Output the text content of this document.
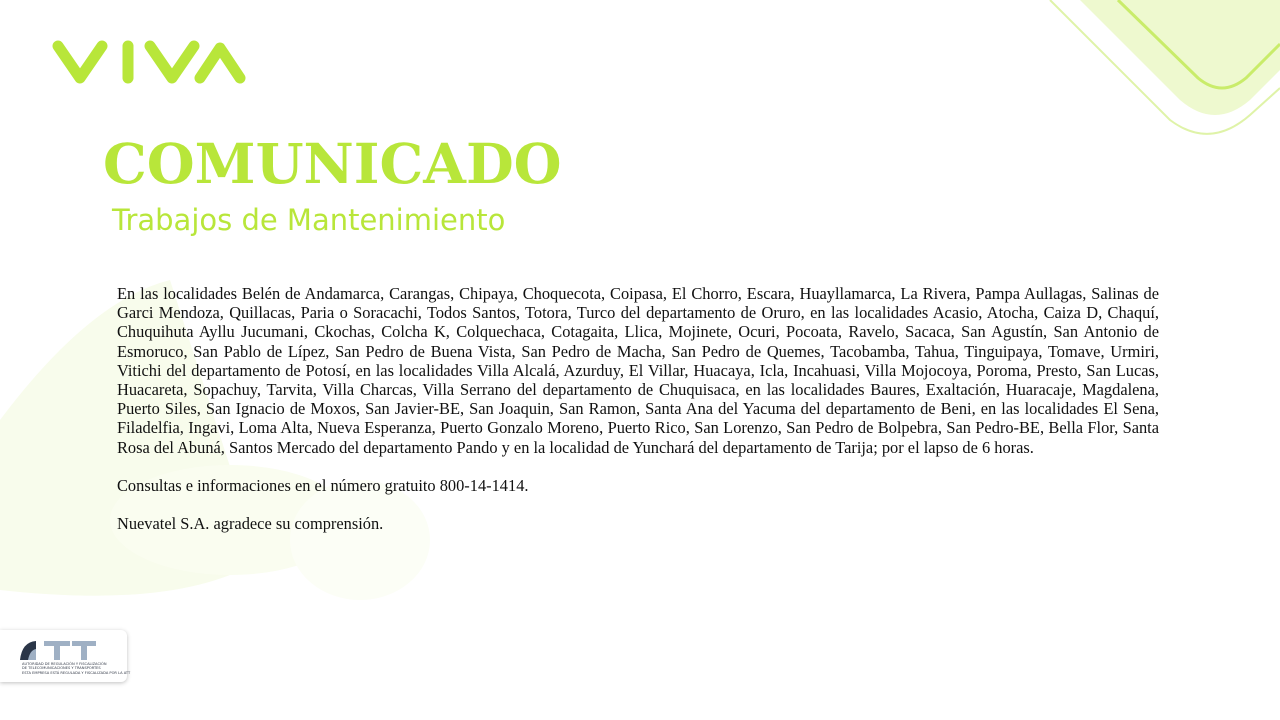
COMUNICADO
Trabajos de Mantenimiento

En las localidades Belén de Andamarca, Carangas, Chipaya, Choquecota, Coipasa, El Chorro, Escara, Huayllamarca, La Rivera, Pampa Aullagas, Salinas de Garci Mendoza, Quillacas, Paria o Soracachi, Todos Santos, Totora, Turco del departamento de Oruro, en las localidades Acasio, Atocha, Caiza D, Chaquí, Chuquihuta Ayllu Jucumani, Ckochas, Colcha K, Colquechaca, Cotagaita, Llica, Mojinete, Ocuri, Pocoata, Ravelo, Sacaca, San Agustín, San Antonio de Esmoruco, San Pablo de Lípez, San Pedro de Buena Vista, San Pedro de Macha, San Pedro de Quemes, Tacobamba, Tahua, Tinguipaya, Tomave, Urmiri, Vitichi del departamento de Potosí, en las localidades Villa Alcalá, Azurduy, El Villar, Huacaya, Icla, Incahuasi, Villa Mojocoya, Poroma, Presto, San Lucas, Huacareta, Sopachuy, Tarvita, Villa Charcas, Villa Serrano del departamento de Chuquisaca, en las localidades Baures, Exaltación, Huaracaje, Magdalena, Puerto Siles, San Ignacio de Moxos, San Javier-BE, San Joaquin, San Ramon, Santa Ana del Yacuma del departamento de Beni, en las localidades El Sena, Filadelfia, Ingavi, Loma Alta, Nueva Esperanza, Puerto Gonzalo Moreno, Puerto Rico, San Lorenzo, San Pedro de Bolpebra, San Pedro-BE, Bella Flor, Santa Rosa del Abuná, Santos Mercado del departamento Pando y en la localidad de Yunchará del departamento de Tarija; por el lapso de 6 horas.

Consultas e informaciones en el número gratuito 800-14-1414.

Nuevatel S.A. agradece su comprensión.

AUTORIDAD DE REGULACIÓN Y FISCALIZACIÓN
DE TELECOMUNICACIONES Y TRANSPORTES
ESTA EMPRESA ESTÁ REGULADA Y FISCALIZADA POR LA ATT
